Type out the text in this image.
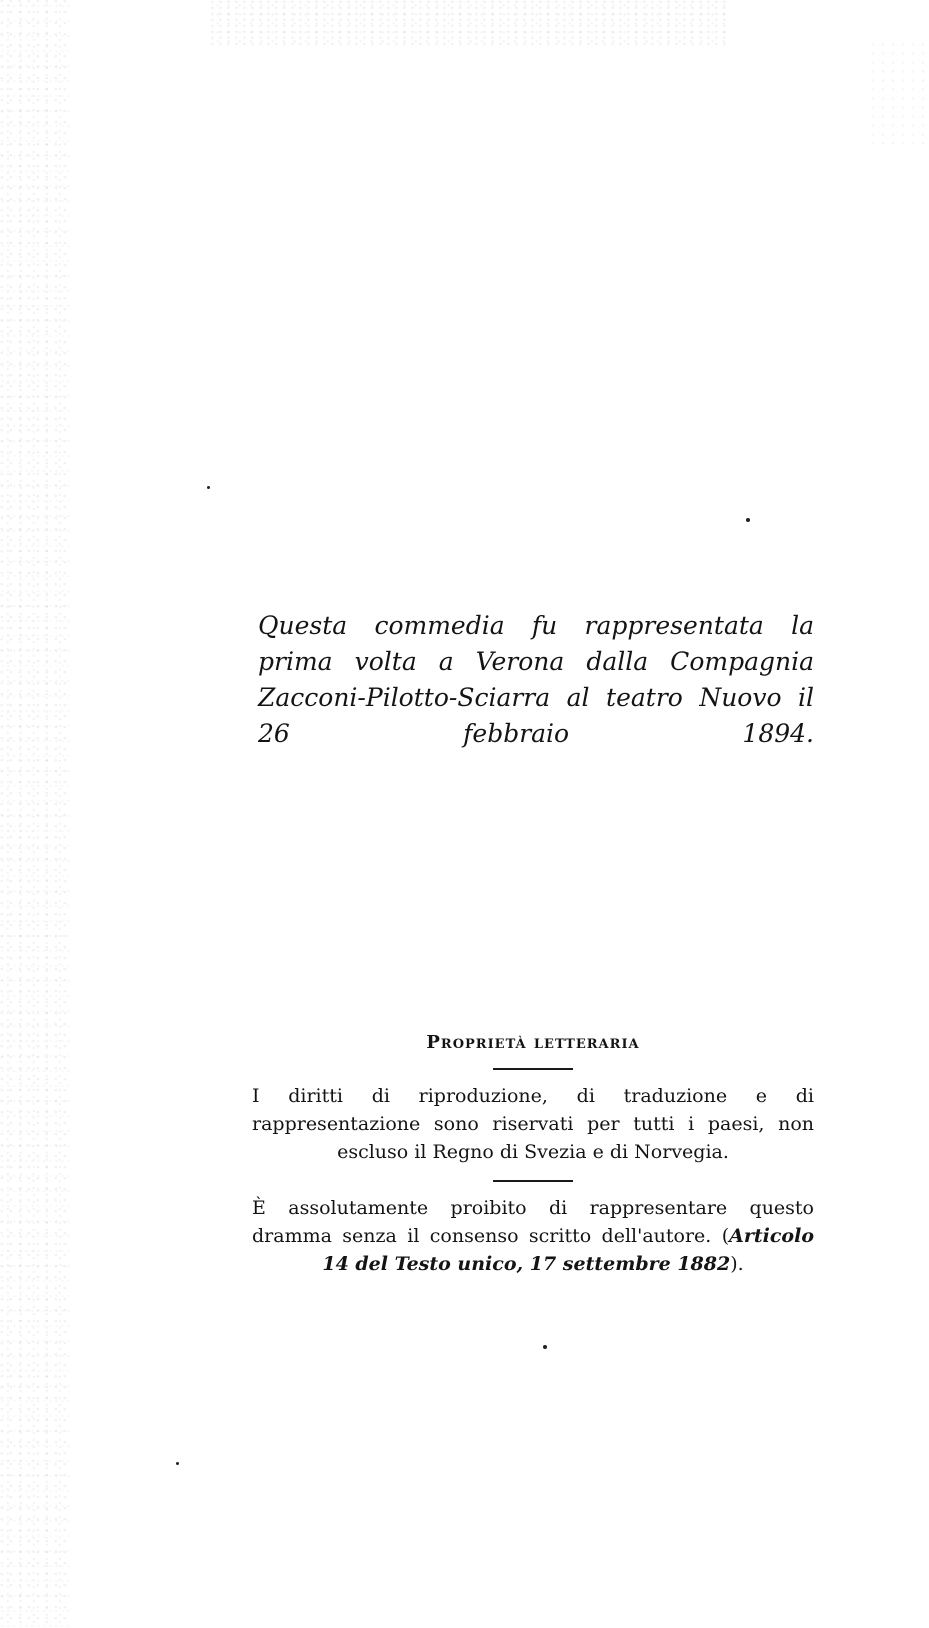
Questa commedia fu rappresentata la prima volta a Verona dalla Compagnia Zacconi-Pilotto-Sciarra al teatro Nuovo il 26 febbraio 1894.

Proprietà letteraria

I diritti di riproduzione, di traduzione e di rappresentazione sono riservati per tutti i paesi, non escluso il Regno di Svezia e di Norvegia.

È assolutamente proibito di rappresentare questo dramma senza il consenso scritto dell'autore. (Articolo 14 del Testo unico, 17 settembre 1882).
